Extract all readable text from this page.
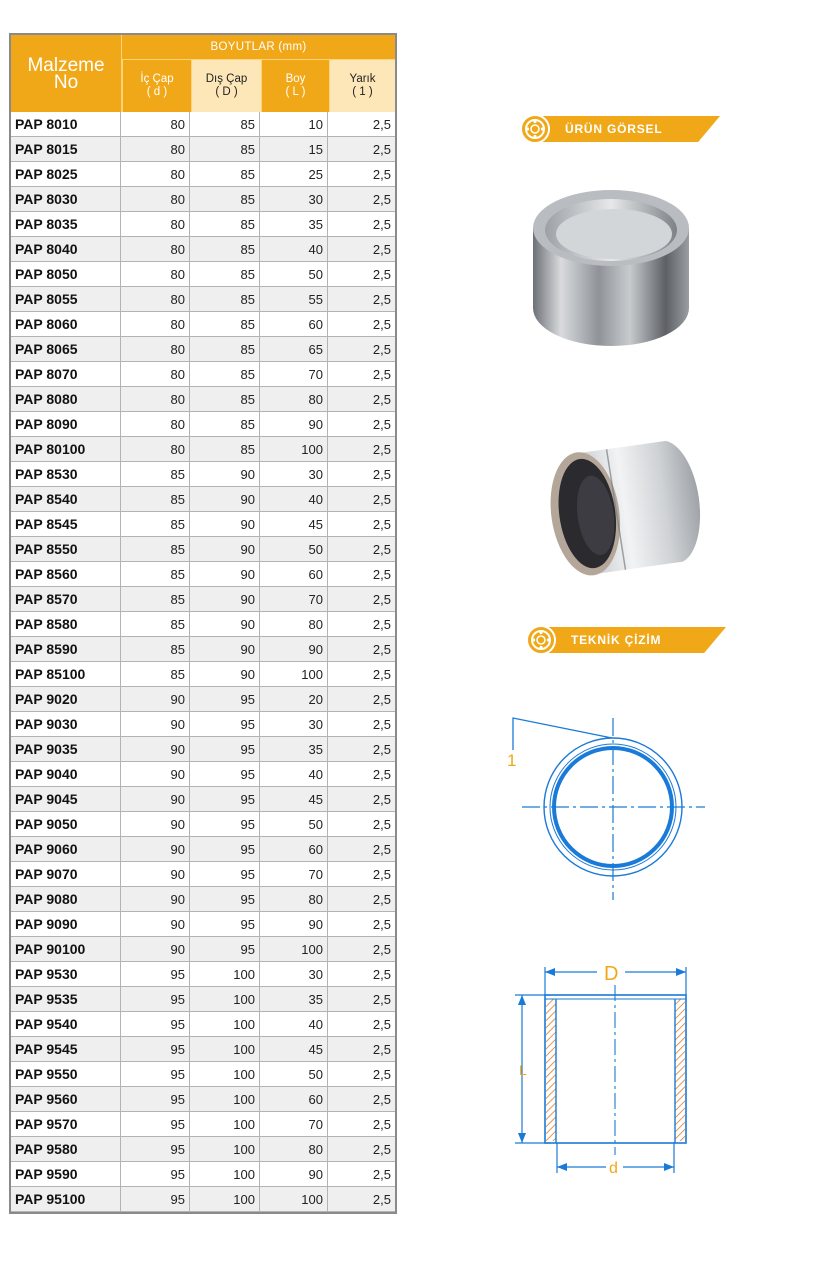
Malzeme
No
BOYUTLAR (mm)
İç Çap
( d )
Dış Çap
( D )
Boy
( L )
Yarık
( 1 )
PAP 8010	80	85	10	2,5
PAP 8015	80	85	15	2,5
PAP 8025	80	85	25	2,5
PAP 8030	80	85	30	2,5
PAP 8035	80	85	35	2,5
PAP 8040	80	85	40	2,5
PAP 8050	80	85	50	2,5
PAP 8055	80	85	55	2,5
PAP 8060	80	85	60	2,5
PAP 8065	80	85	65	2,5
PAP 8070	80	85	70	2,5
PAP 8080	80	85	80	2,5
PAP 8090	80	85	90	2,5
PAP 80100	80	85	100	2,5
PAP 8530	85	90	30	2,5
PAP 8540	85	90	40	2,5
PAP 8545	85	90	45	2,5
PAP 8550	85	90	50	2,5
PAP 8560	85	90	60	2,5
PAP 8570	85	90	70	2,5
PAP 8580	85	90	80	2,5
PAP 8590	85	90	90	2,5
PAP 85100	85	90	100	2,5
PAP 9020	90	95	20	2,5
PAP 9030	90	95	30	2,5
PAP 9035	90	95	35	2,5
PAP 9040	90	95	40	2,5
PAP 9045	90	95	45	2,5
PAP 9050	90	95	50	2,5
PAP 9060	90	95	60	2,5
PAP 9070	90	95	70	2,5
PAP 9080	90	95	80	2,5
PAP 9090	90	95	90	2,5
PAP 90100	90	95	100	2,5
PAP 9530	95	100	30	2,5
PAP 9535	95	100	35	2,5
PAP 9540	95	100	40	2,5
PAP 9545	95	100	45	2,5
PAP 9550	95	100	50	2,5
PAP 9560	95	100	60	2,5
PAP 9570	95	100	70	2,5
PAP 9580	95	100	80	2,5
PAP 9590	95	100	90	2,5
PAP 95100	95	100	100	2,5
ÜRÜN GÖRSEL
TEKNİK ÇİZİM
1
D
L
d
